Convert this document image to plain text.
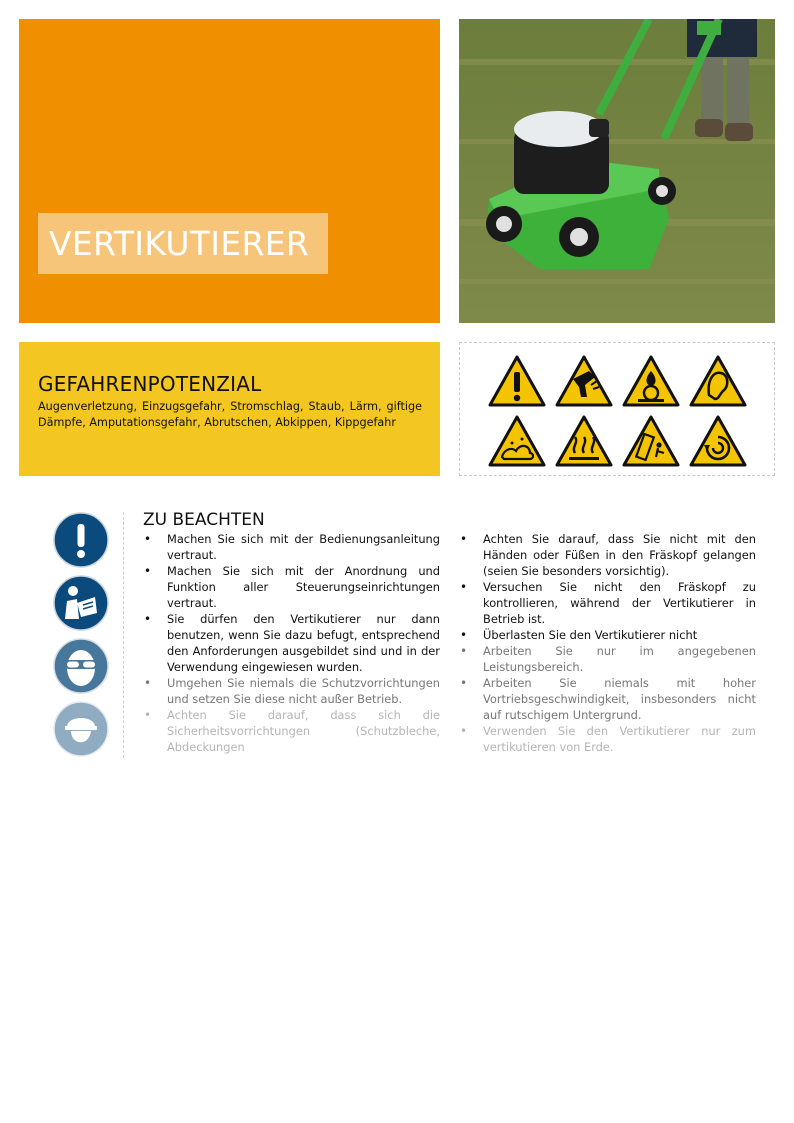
VERTIKUTIERER
GEFAHRENPOTENZIAL
Augenverletzung, Einzugsgefahr, Stromschlag, Staub, Lärm, giftige Dämpfe, Amputationsgefahr, Abrutschen, Abkippen, Kippgefahr
ZU BEACHTEN
• Machen Sie sich mit der Bedienungsanleitung vertraut.
• Machen Sie sich mit der Anordnung und Funktion aller Steuerungseinrichtungen vertraut.
• Sie dürfen den Vertikutierer nur dann benutzen, wenn Sie dazu befugt, entsprechend den Anforderungen ausgebildet sind und in der Verwendung eingewiesen wurden.
• Umgehen Sie niemals die Schutzvorrichtungen und setzen Sie diese nicht außer Betrieb.
• Achten Sie darauf, dass sich die Sicherheitsvorrichtungen (Schutzbleche, Abdeckungen
• Achten Sie darauf, dass Sie nicht mit den Händen oder Füßen in den Fräskopf gelangen (seien Sie besonders vorsichtig).
• Versuchen Sie nicht den Fräskopf zu kontrollieren, während der Vertikutierer in Betrieb ist.
• Überlasten Sie den Vertikutierer nicht
• Arbeiten Sie nur im angegebenen Leistungsbereich.
• Arbeiten Sie niemals mit hoher Vortriebsgeschwindigkeit, insbesonders nicht auf rutschigem Untergrund.
• Verwenden Sie den Vertikutierer nur zum vertikutieren von Erde.
